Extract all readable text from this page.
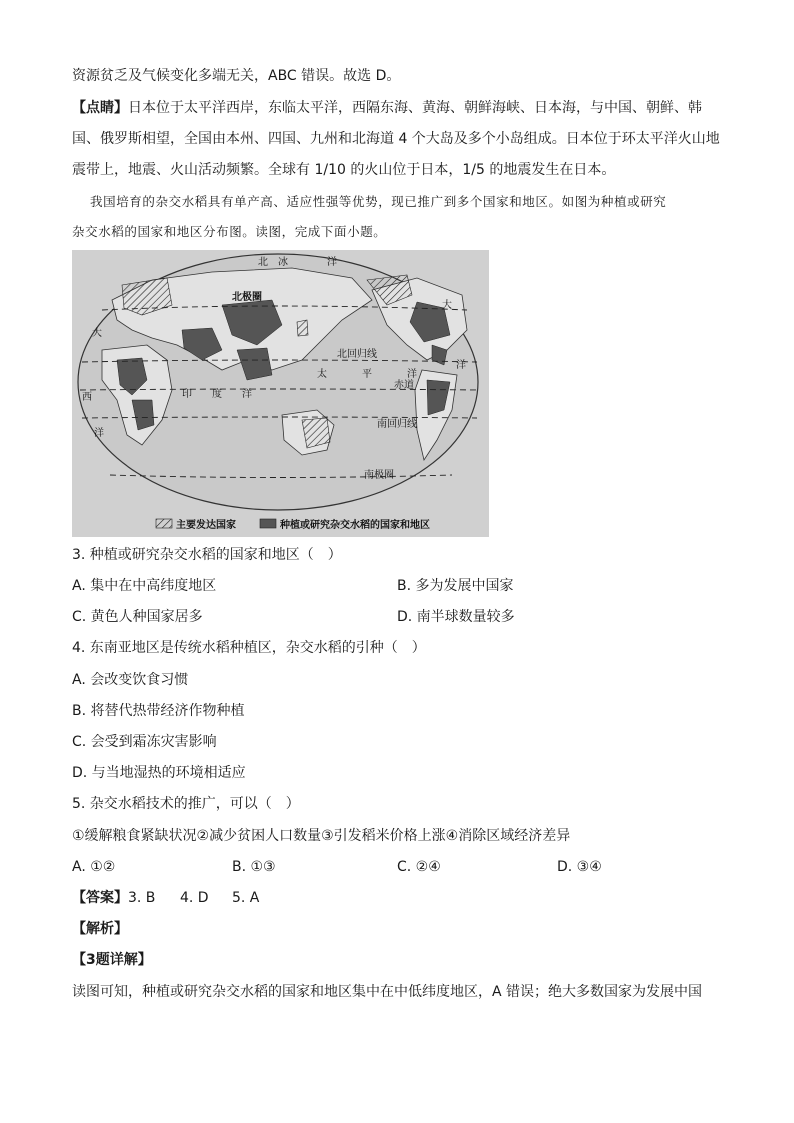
资源贫乏及气候变化多端无关，ABC 错误。故选 D。
【点睛】日本位于太平洋西岸，东临太平洋，西隔东海、黄海、朝鲜海峡、日本海，与中国、朝鲜、韩
国、俄罗斯相望，全国由本州、四国、九州和北海道 4 个大岛及多个小岛组成。日本位于环太平洋火山地
震带上，地震、火山活动频繁。全球有 1/10 的火山位于日本，1/5 的地震发生在日本。
我国培育的杂交水稻具有单产高、适应性强等优势，现已推广到多个国家和地区。如图为种植或研究
杂交水稻的国家和地区分布图。读图，完成下面小题。
北　冰	洋
北极圈
北回归线
太	平	洋
赤道
印 度 洋
南回归线
南极圈
大
西
洋
大
洋
主要发达国家	种植或研究杂交水稻的国家和地区
3. 种植或研究杂交水稻的国家和地区（　）
A. 集中在中高纬度地区	B. 多为发展中国家
C. 黄色人种国家居多	D. 南半球数量较多
4. 东南亚地区是传统水稻种植区，杂交水稻的引种（　）
A. 会改变饮食习惯
B. 将替代热带经济作物种植
C. 会受到霜冻灾害影响
D. 与当地湿热的环境相适应
5. 杂交水稻技术的推广，可以（　）
①缓解粮食紧缺状况②减少贫困人口数量③引发稻米价格上涨④消除区域经济差异
A. ①②	B. ①③	C. ②④	D. ③④
【答案】3. B 4. D 5. A
【解析】
【3题详解】
读图可知，种植或研究杂交水稻的国家和地区集中在中低纬度地区，A 错误；绝大多数国家为发展中国
